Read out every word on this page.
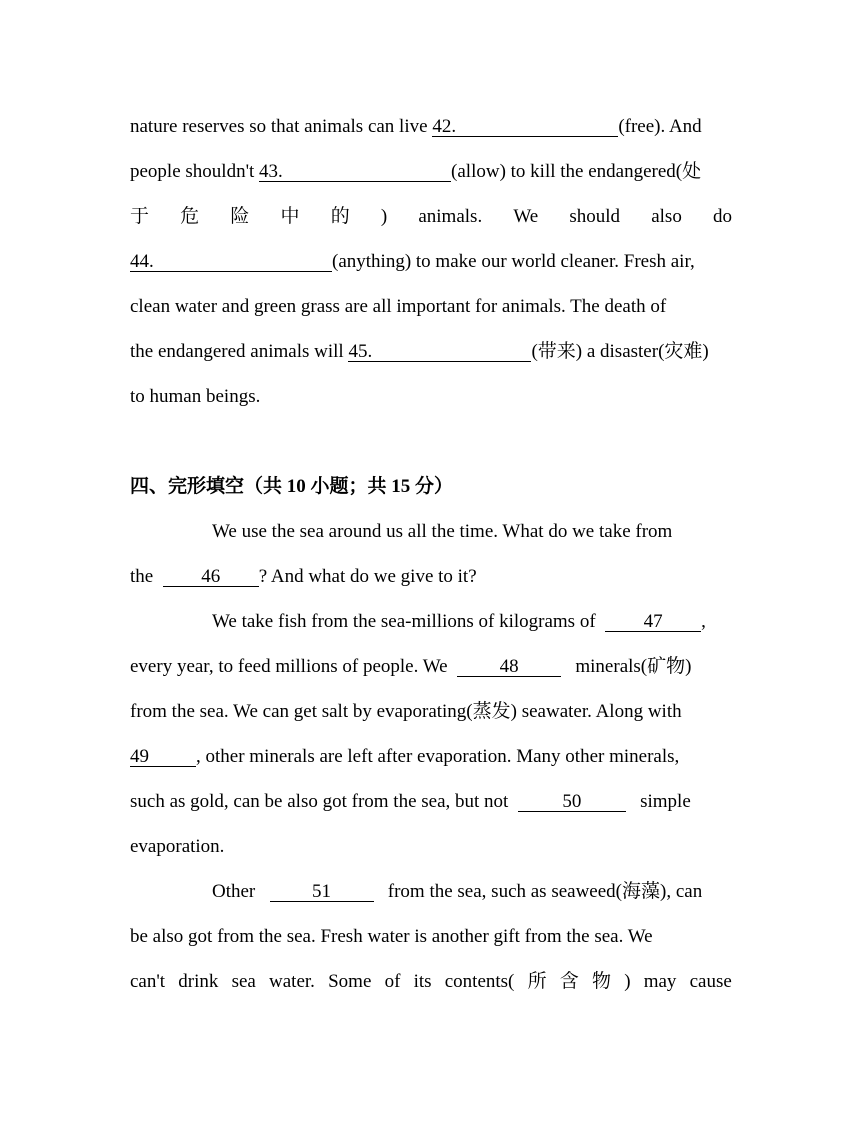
nature reserves so that animals can live 42.	(free). And
people shouldn't 43.	(allow) to kill the endangered(处
于 危 险 中 的 ) animals. We should also do
44.	(anything) to make our world cleaner. Fresh air,
clean water and green grass are all important for animals. The death of
the endangered animals will 45.	(带来) a disaster(灾难)
to human beings.
四、完形填空（共 10 小题；共 15 分）
We use the sea around us all the time. What do we take from
the  46 ? And what do we give to it?
We take fish from the sea-millions of kilograms of  47 ,
every year, to feed millions of people. We  48	minerals(矿物)
from the sea. We can get salt by evaporating(蒸发) seawater. Along with
49 , other minerals are left after evaporation. Many other minerals,
such as gold, can be also got from the sea, but not	50	simple
evaporation.
Other	51	from the sea, such as seaweed(海藻), can
be also got from the sea. Fresh water is another gift from the sea. We
can't drink sea water. Some of its contents( 所 含 物 ) may cause
